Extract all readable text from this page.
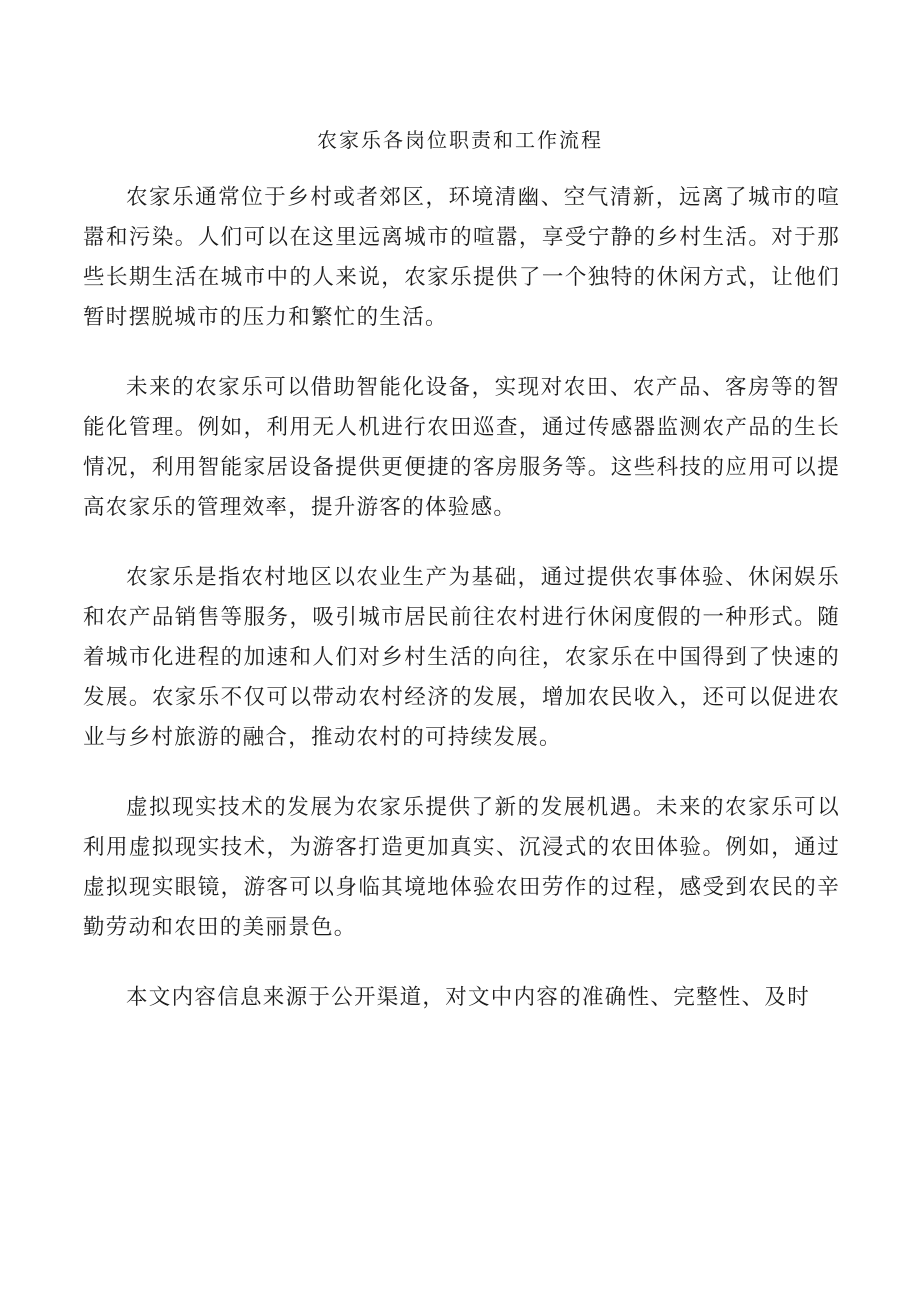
农家乐各岗位职责和工作流程

农家乐通常位于乡村或者郊区，环境清幽、空气清新，远离了城市的喧嚣和污染。人们可以在这里远离城市的喧嚣，享受宁静的乡村生活。对于那些长期生活在城市中的人来说，农家乐提供了一个独特的休闲方式，让他们暂时摆脱城市的压力和繁忙的生活。

未来的农家乐可以借助智能化设备，实现对农田、农产品、客房等的智能化管理。例如，利用无人机进行农田巡查，通过传感器监测农产品的生长情况，利用智能家居设备提供更便捷的客房服务等。这些科技的应用可以提高农家乐的管理效率，提升游客的体验感。

农家乐是指农村地区以农业生产为基础，通过提供农事体验、休闲娱乐和农产品销售等服务，吸引城市居民前往农村进行休闲度假的一种形式。随着城市化进程的加速和人们对乡村生活的向往，农家乐在中国得到了快速的发展。农家乐不仅可以带动农村经济的发展，增加农民收入，还可以促进农业与乡村旅游的融合，推动农村的可持续发展。

虚拟现实技术的发展为农家乐提供了新的发展机遇。未来的农家乐可以利用虚拟现实技术，为游客打造更加真实、沉浸式的农田体验。例如，通过虚拟现实眼镜，游客可以身临其境地体验农田劳作的过程，感受到农民的辛勤劳动和农田的美丽景色。

本文内容信息来源于公开渠道，对文中内容的准确性、完整性、及时
